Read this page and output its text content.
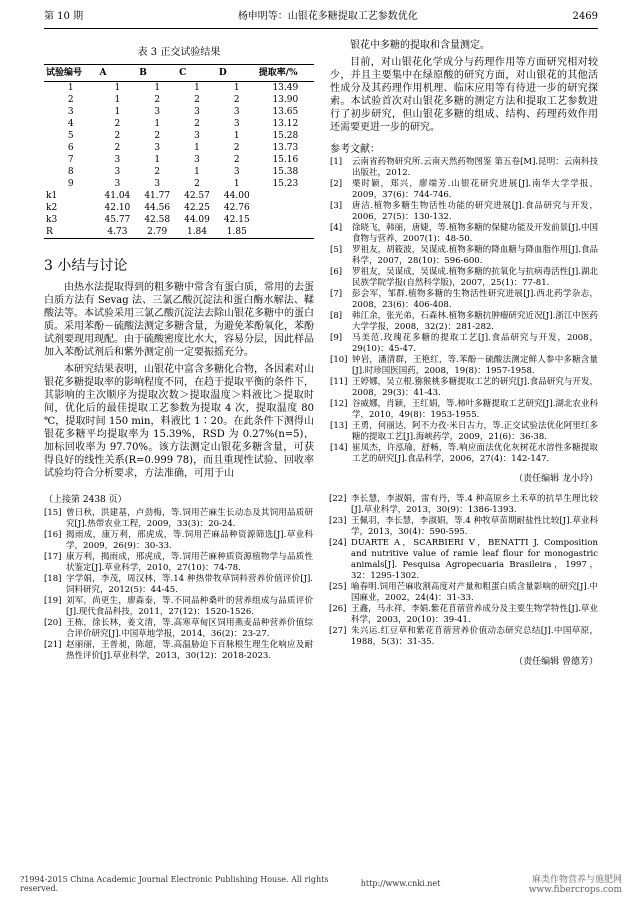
第 10 期	杨申明等：山银花多糖提取工艺参数优化	2469
表 3 正交试验结果
试验编号	A	B	C	D	提取率/%
1	1	1	1	1	13.49
2	1	2	2	2	13.90
3	1	3	3	3	13.65
4	2	1	2	3	13.12
5	2	2	3	1	15.28
6	2	3	1	2	13.73
7	3	1	3	2	15.16
8	3	2	1	3	15.38
9	3	3	2	1	15.23
k1	41.04	41.77	42.57	44.00	
k2	42.10	44.56	42.25	42.76	
k3	45.77	42.58	44.09	42.15	
R	4.73	2.79	1.84	1.85	
3 小结与讨论

由热水法提取得到的粗多糖中常含有蛋白质，常用的去蛋白质方法有 Sevag 法、三氯乙酸沉淀法和蛋白酶水解法、鞣酸法等。本试验采用三氯乙酸沉淀法去除山银花多糖中的蛋白质。采用苯酚－硫酸法测定多糖含量，为避免苯酚氧化，苯酚试剂要现用现配。由于硫酸密度比水大，容易分层，因此样品加入苯酚试剂后和紫外测定前一定要振摇充分。

本研究结果表明，山银花中富含多糖化合物，各因素对山银花多糖提取率的影响程度不同，在趋于提取平衡的条件下，其影响的主次顺序为提取次数＞提取温度＞料液比＞提取时间，优化后的最佳提取工艺参数为提取 4 次，提取温度 80 ℃，提取时间 150 min，料液比 1∶20。在此条件下测得山银花多糖平均提取率为 15.39%，RSD 为 0.27%(n=5)，加标回收率为 97.70%。该方法测定山银花多糖含量，可获得良好的线性关系(R=0.999 78)，而且重现性试验、回收率试验均符合分析要求，方法准确，可用于山

银花中多糖的提取和含量测定。

目前，对山银花化学成分与药理作用等方面研究相对较少，并且主要集中在绿原酸的研究方面，对山银花的其他活性成分及其药理作用机理、临床应用等有待进一步的研究探索。本试验首次对山银花多糖的测定方法和提取工艺参数进行了初步研究，但山银花多糖的组成、结构、药理药效作用还需要更进一步的研究。

参考文献：
[1]	云南省药物研究所.云南天然药物图鉴 第五卷[M].昆明：云南科技出版社，2012.
[2]	栗时颖，郑兴，廖端芳.山银花研究进展[J].南华大学学报，2009，37(6)：744-746.
[3]	唐洁.植物多糖生物活性功能的研究进展[J].食品研究与开发，2006，27(5)：130-132.
[4]	徐晓飞，韩丽，唐婕，等.植物多糖的保健功能及开发前景[J].中国食物与营养，2007(1)：48-50.
[5]	罗祖友，胡筱波，吴谋成.植物多糖的降血糖与降血脂作用[J].食品科学，2007，28(10)：596-600.
[6]	罗祖友，吴谋成，吴谋成.植物多糖的抗氧化与抗病毒活性[J].湖北民族学院学报(自然科学版)，2007，25(1)：77-81.
[7]	彭会军，邹群.植物多糖的生物活性研究进展[J].西北药学杂志，2008，23(6)：406-408.
[8]	韩江余，张光弟，石森林.植物多糖抗肿瘤研究近况[J].浙江中医药大学学报，2008，32(2)：281-282.
[9]	马美范.玫瑰花多糖的提取工艺[J].食品研究与开发，2008，29(10)：45-47.
[10] 钟岩，潘清群，王艳红，等.苯酚－硫酸法测定鲜人参中多糖含量[J].时珍国医国药，2008，19(8)：1957-1958.
[11] 王婷娜，吴立根.猕猴桃多糖提取工艺的研究[J].食品研究与开发，2008，29(3)：41-43.
[12] 谷威娜，肖颖，王红娟，等.柿叶多糖提取工艺研究[J].湖北农业科学，2010，49(8)：1953-1955.
[13] 王勇，何丽达，阿不力孜·米日古力，等.正交试验法优化阿里红多糖的提取工艺[J].海峡药学，2009，21(6)：36-38.
[14] 崔凤杰，许泓瑜，舒畅，等.响应面法优化灰树花水溶性多糖提取工艺的研究[J].食品科学，2006，27(4)：142-147.
（责任编辑 龙小玲）
（上接第 2438 页）
[15] 曾日秋，洪建基，卢劲梅，等.饲用芒麻生长动态及其饲用品质研究[J].热带农业工程，2009，33(3)：20-24.
[16] 揭雨成，康万利，邢虎成，等.饲用芒麻品种资源筛选[J].草业科学，2009，26(9)：30-33.
[17] 康万利，揭雨成，邢虎成，等.饲用芒麻种质资源植物学与品质性状鉴定[J].草业科学，2010，27(10)：74-78.
[18] 字学娟，李茂，周汉林，等.14 种热带牧草饲料营养价值评价[J].饲料研究，2012(5)：44-45.
[19] 刘军，尚更生，廖森泰，等.不同品种桑叶的营养组成与品质评价[J].现代食品科技，2011，27(12)：1520-1526.
[20] 王栋，徐长林，姜文清，等.高寒草甸区饲用燕麦品种营养价值综合评价研究[J].中国草地学报，2014，36(2)：23-27.
[21] 赵丽丽，王普昶，陈超，等.高温胁迫下百脉根生理生化响应及耐热性评价[J].草业科学，2013，30(12)：2018-2023.
[22] 李长慧，李淑娟，雷有丹，等.4 种高原乡土禾草的抗旱生理比较[J].草业科学，2013，30(9)：1386-1393.
[23] 王佩羽，李长慧，李淑娟，等.4 种牧草苗期耐盐性比较[J].草业科学，2013，30(4)：590-595.
[24] DUARTE A，SCARBIERI V，BENATTI J. Composition and nutritive value of ramie leaf flour for monogastric animals[J]. Pesquisa Agropecuaria Brasileira，1997，32：1295-1302.
[25] 喻春明.饲用芒麻收割高度对产量和粗蛋白质含量影响的研究[J].中国麻业，2002，24(4)：31-33.
[26] 王鑫，马永祥，李娟.紫花苜蓿营养成分及主要生物学特性[J].草业科学，2003，20(10)：39-41.
[27] 朱兴运.红豆草和紫花苜蓿营养价值动态研究总结[J].中国草原，1988，5(3)：31-35.
（责任编辑 曾德芳）
?1994-2015 China Academic Journal Electronic Publishing House. All rights reserved.	http://www.cnki.net	麻类作物营养与施肥网 www.fibercrops.com
